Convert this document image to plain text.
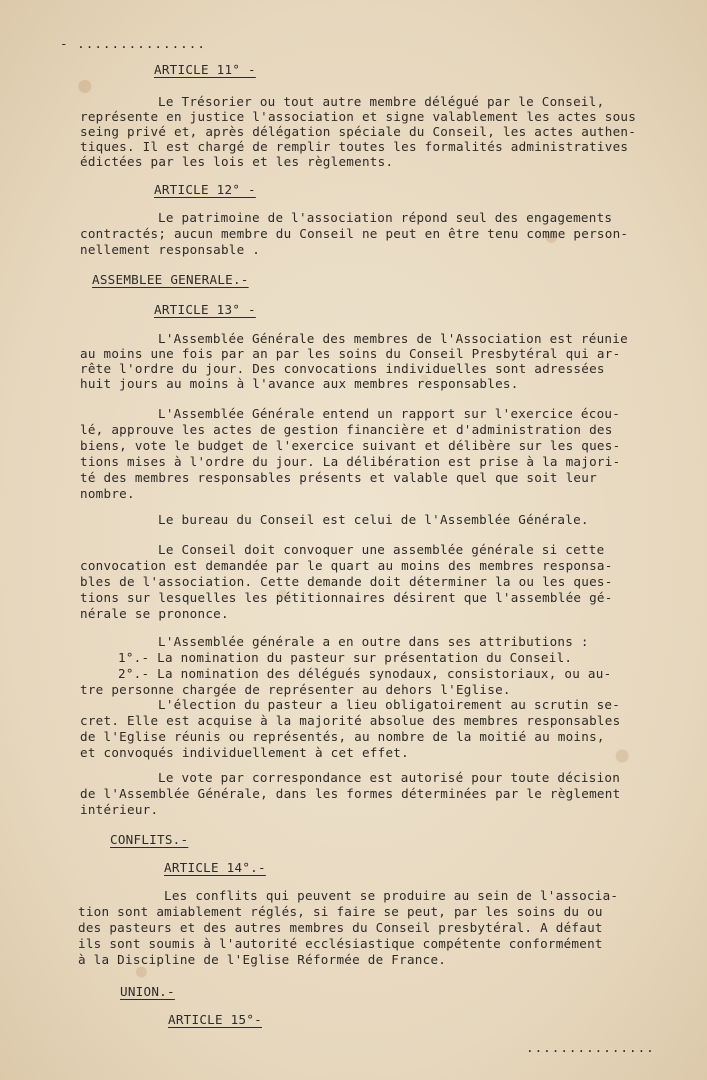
- ...............
ARTICLE 11° -
Le Trésorier ou tout autre membre délégué par le Conseil,
représente en justice l'association et signe valablement les actes sous
seing privé et, après délégation spéciale du Conseil, les actes authen-
tiques. Il est chargé de remplir toutes les formalités administratives
édictées par les lois et les règlements.
ARTICLE 12° -
Le patrimoine de l'association répond seul des engagements
contractés; aucun membre du Conseil ne peut en être tenu comme person-
nellement responsable .
ASSEMBLEE GENERALE.-
ARTICLE 13° -
L'Assemblée Générale des membres de l'Association est réunie
au moins une fois par an par les soins du Conseil Presbytéral qui ar-
rête l'ordre du jour. Des convocations individuelles sont adressées
huit jours au moins à l'avance aux membres responsables.
L'Assemblée Générale entend un rapport sur l'exercice écou-
lé, approuve les actes de gestion financière et d'administration des
biens, vote le budget de l'exercice suivant et délibère sur les ques-
tions mises à l'ordre du jour. La délibération est prise à la majori-
té des membres responsables présents et valable quel que soit leur
nombre.
Le bureau du Conseil est celui de l'Assemblée Générale.
Le Conseil doit convoquer une assemblée générale si cette
convocation est demandée par le quart au moins des membres responsa-
bles de l'association. Cette demande doit déterminer la ou les ques-
tions sur lesquelles les pétitionnaires désirent que l'assemblée gé-
nérale se prononce.
L'Assemblée générale a en outre dans ses attributions :
1°.- La nomination du pasteur sur présentation du Conseil.
2°.- La nomination des délégués synodaux, consistoriaux, ou au-
tre personne chargée de représenter au dehors l'Eglise.
L'élection du pasteur a lieu obligatoirement au scrutin se-
cret. Elle est acquise à la majorité absolue des membres responsables
de l'Eglise réunis ou représentés, au nombre de la moitié au moins,
et convoqués individuellement à cet effet.
Le vote par correspondance est autorisé pour toute décision
de l'Assemblée Générale, dans les formes déterminées par le règlement
intérieur.
CONFLITS.-
ARTICLE 14°.-
Les conflits qui peuvent se produire au sein de l'associa-
tion sont amiablement réglés, si faire se peut, par les soins du ou
des pasteurs et des autres membres du Conseil presbytéral. A défaut
ils sont soumis à l'autorité ecclésiastique compétente conformément
à la Discipline de l'Eglise Réformée de France.
UNION.-
ARTICLE 15°-
...............
